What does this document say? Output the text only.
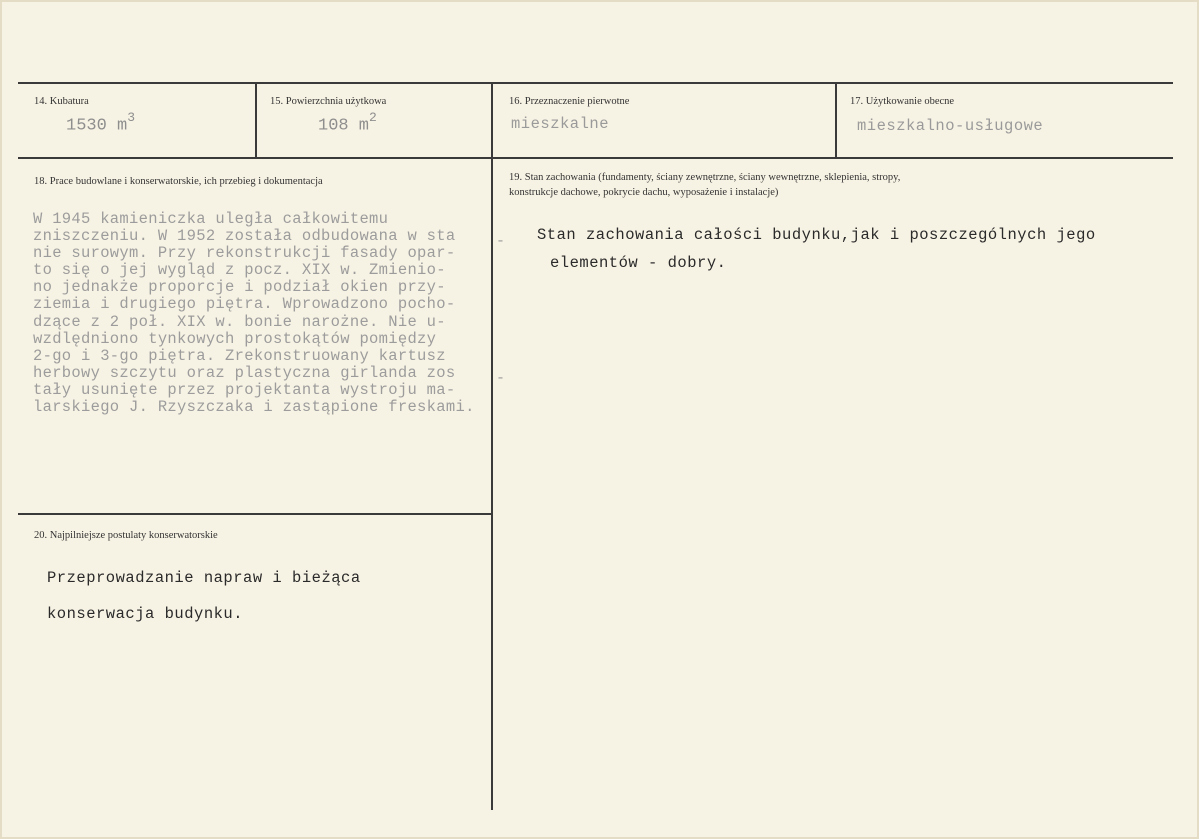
14. Kubatura
1530 $m^3$
15. Powierzchnia użytkowa
108 $m^2$
16. Przeznaczenie pierwotne
mieszkalne
17. Użytkowanie obecne
mieszkalno-usługowe
18. Prace budowlane i konserwatorskie, ich przebieg i dokumentacja
W 1945 kamieniczka uległa całkowitemu
zniszczeniu. W 1952 została odbudowana w sta
nie surowym. Przy rekonstrukcji fasady opar-
to się o jej wygląd z pocz. XIX w. Zmienio-
no jednakże proporcje i podział okien przy-
ziemia i drugiego piętra. Wprowadzono pocho-
dzące z 2 poł. XIX w. bonie narożne. Nie u-
wzdlędniono tynkowych prostokątów pomiędzy
2-go i 3-go piętra. Zrekonstruowany kartusz
herbowy szczytu oraz plastyczna girlanda zos
tały usunięte przez projektanta wystroju ma-
larskiego J. Rzyszczaka i zastąpione freskami.
-
-
19. Stan zachowania (fundamenty, ściany zewnętrzne, ściany wewnętrzne, sklepienia, stropy,
konstrukcje dachowe, pokrycie dachu, wyposażenie i instalacje)
Stan zachowania całości budynku,jak i poszczególnych jego
elementów - dobry.
20. Najpilniejsze postulaty konserwatorskie
Przeprowadzanie napraw i bieżąca
konserwacja budynku.
